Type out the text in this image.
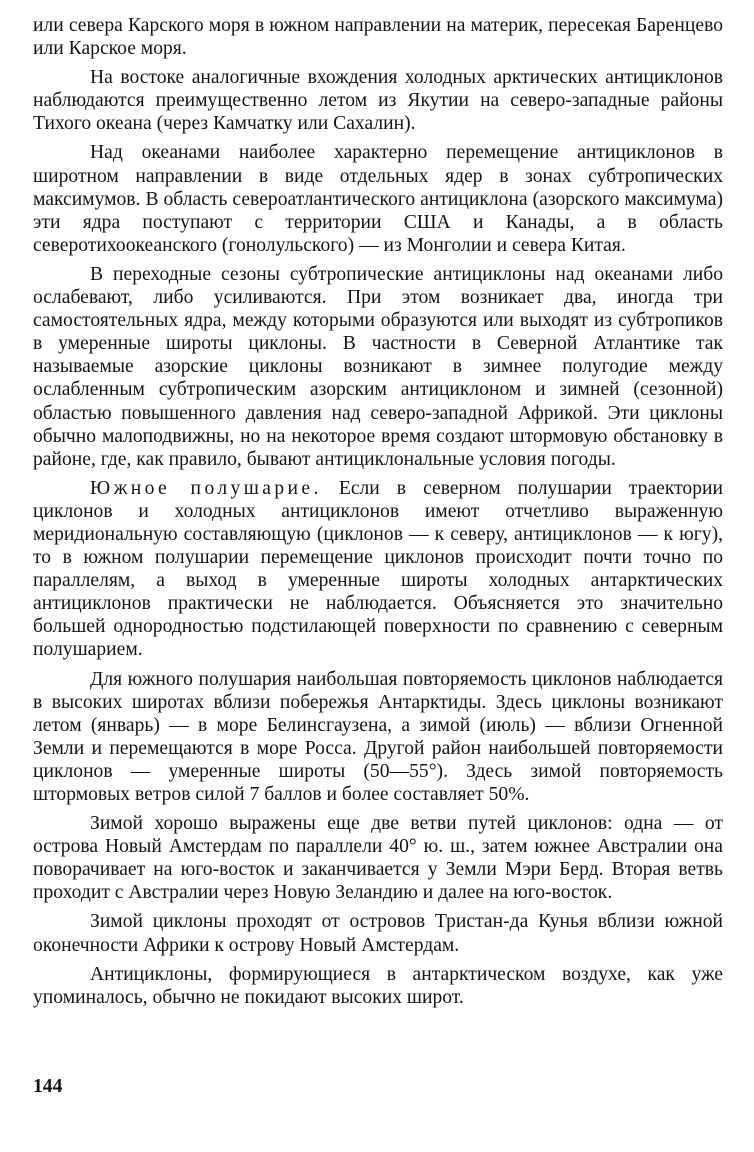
или севера Карского моря в южном направлении на материк, пересекая Баренцево или Карское моря.

На востоке аналогичные вхождения холодных арктических антициклонов наблюдаются преимущественно летом из Якутии на северо-западные районы Тихого океана (через Камчатку или Сахалин).

Над океанами наиболее характерно перемещение антициклонов в широтном направлении в виде отдельных ядер в зонах субтропических максимумов. В область североатлантического антициклона (азорского максимума) эти ядра поступают с территории США и Канады, а в область северотихоокеанского (гонолульского) — из Монголии и севера Китая.

В переходные сезоны субтропические антициклоны над океанами либо ослабевают, либо усиливаются. При этом возникает два, иногда три самостоятельных ядра, между которыми образуются или выходят из субтропиков в умеренные широты циклоны. В частности в Северной Атлантике так называемые азорские циклоны возникают в зимнее полугодие между ослабленным субтропическим азорским антициклоном и зимней (сезонной) областью повышенного давления над северо-западной Африкой. Эти циклоны обычно малоподвижны, но на некоторое время создают штормовую обстановку в районе, где, как правило, бывают антициклональные условия погоды.

Южное полушарие. Если в северном полушарии траектории циклонов и холодных антициклонов имеют отчетливо выраженную меридиональную составляющую (циклонов — к северу, антициклонов — к югу), то в южном полушарии перемещение циклонов происходит почти точно по параллелям, а выход в умеренные широты холодных антарктических антициклонов практически не наблюдается. Объясняется это значительно большей однородностью подстилающей поверхности по сравнению с северным полушарием.

Для южного полушария наибольшая повторяемость циклонов наблюдается в высоких широтах вблизи побережья Антарктиды. Здесь циклоны возникают летом (январь) — в море Белинсгаузена, а зимой (июль) — вблизи Огненной Земли и перемещаются в море Росса. Другой район наибольшей повторяемости циклонов — умеренные широты (50—55°). Здесь зимой повторяемость штормовых ветров силой 7 баллов и более составляет 50%.

Зимой хорошо выражены еще две ветви путей циклонов: одна — от острова Новый Амстердам по параллели 40° ю. ш., затем южнее Австралии она поворачивает на юго-восток и заканчивается у Земли Мэри Берд. Вторая ветвь проходит с Австралии через Новую Зеландию и далее на юго-восток.

Зимой циклоны проходят от островов Тристан-да Кунья вблизи южной оконечности Африки к острову Новый Амстердам.

Антициклоны, формирующиеся в антарктическом воздухе, как уже упоминалось, обычно не покидают высоких широт.

144
